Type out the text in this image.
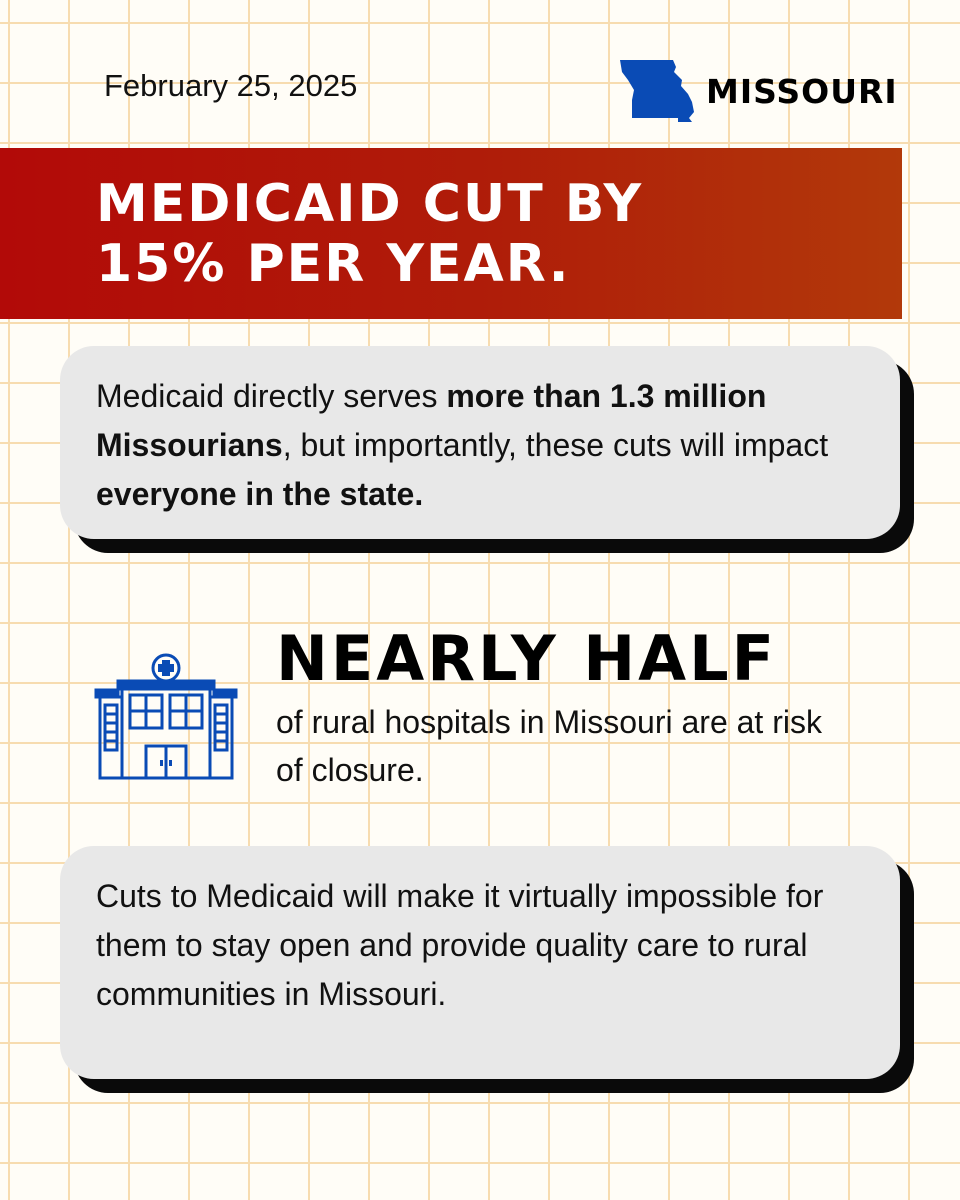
February 25, 2025	MISSOURI
MEDICAID CUT BY
15% PER YEAR.

Medicaid directly serves more than 1.3 million Missourians, but importantly, these cuts will impact everyone in the state.

NEARLY HALF

of rural hospitals in Missouri are at risk of closure.

Cuts to Medicaid will make it virtually impossible for them to stay open and provide quality care to rural communities in Missouri.
